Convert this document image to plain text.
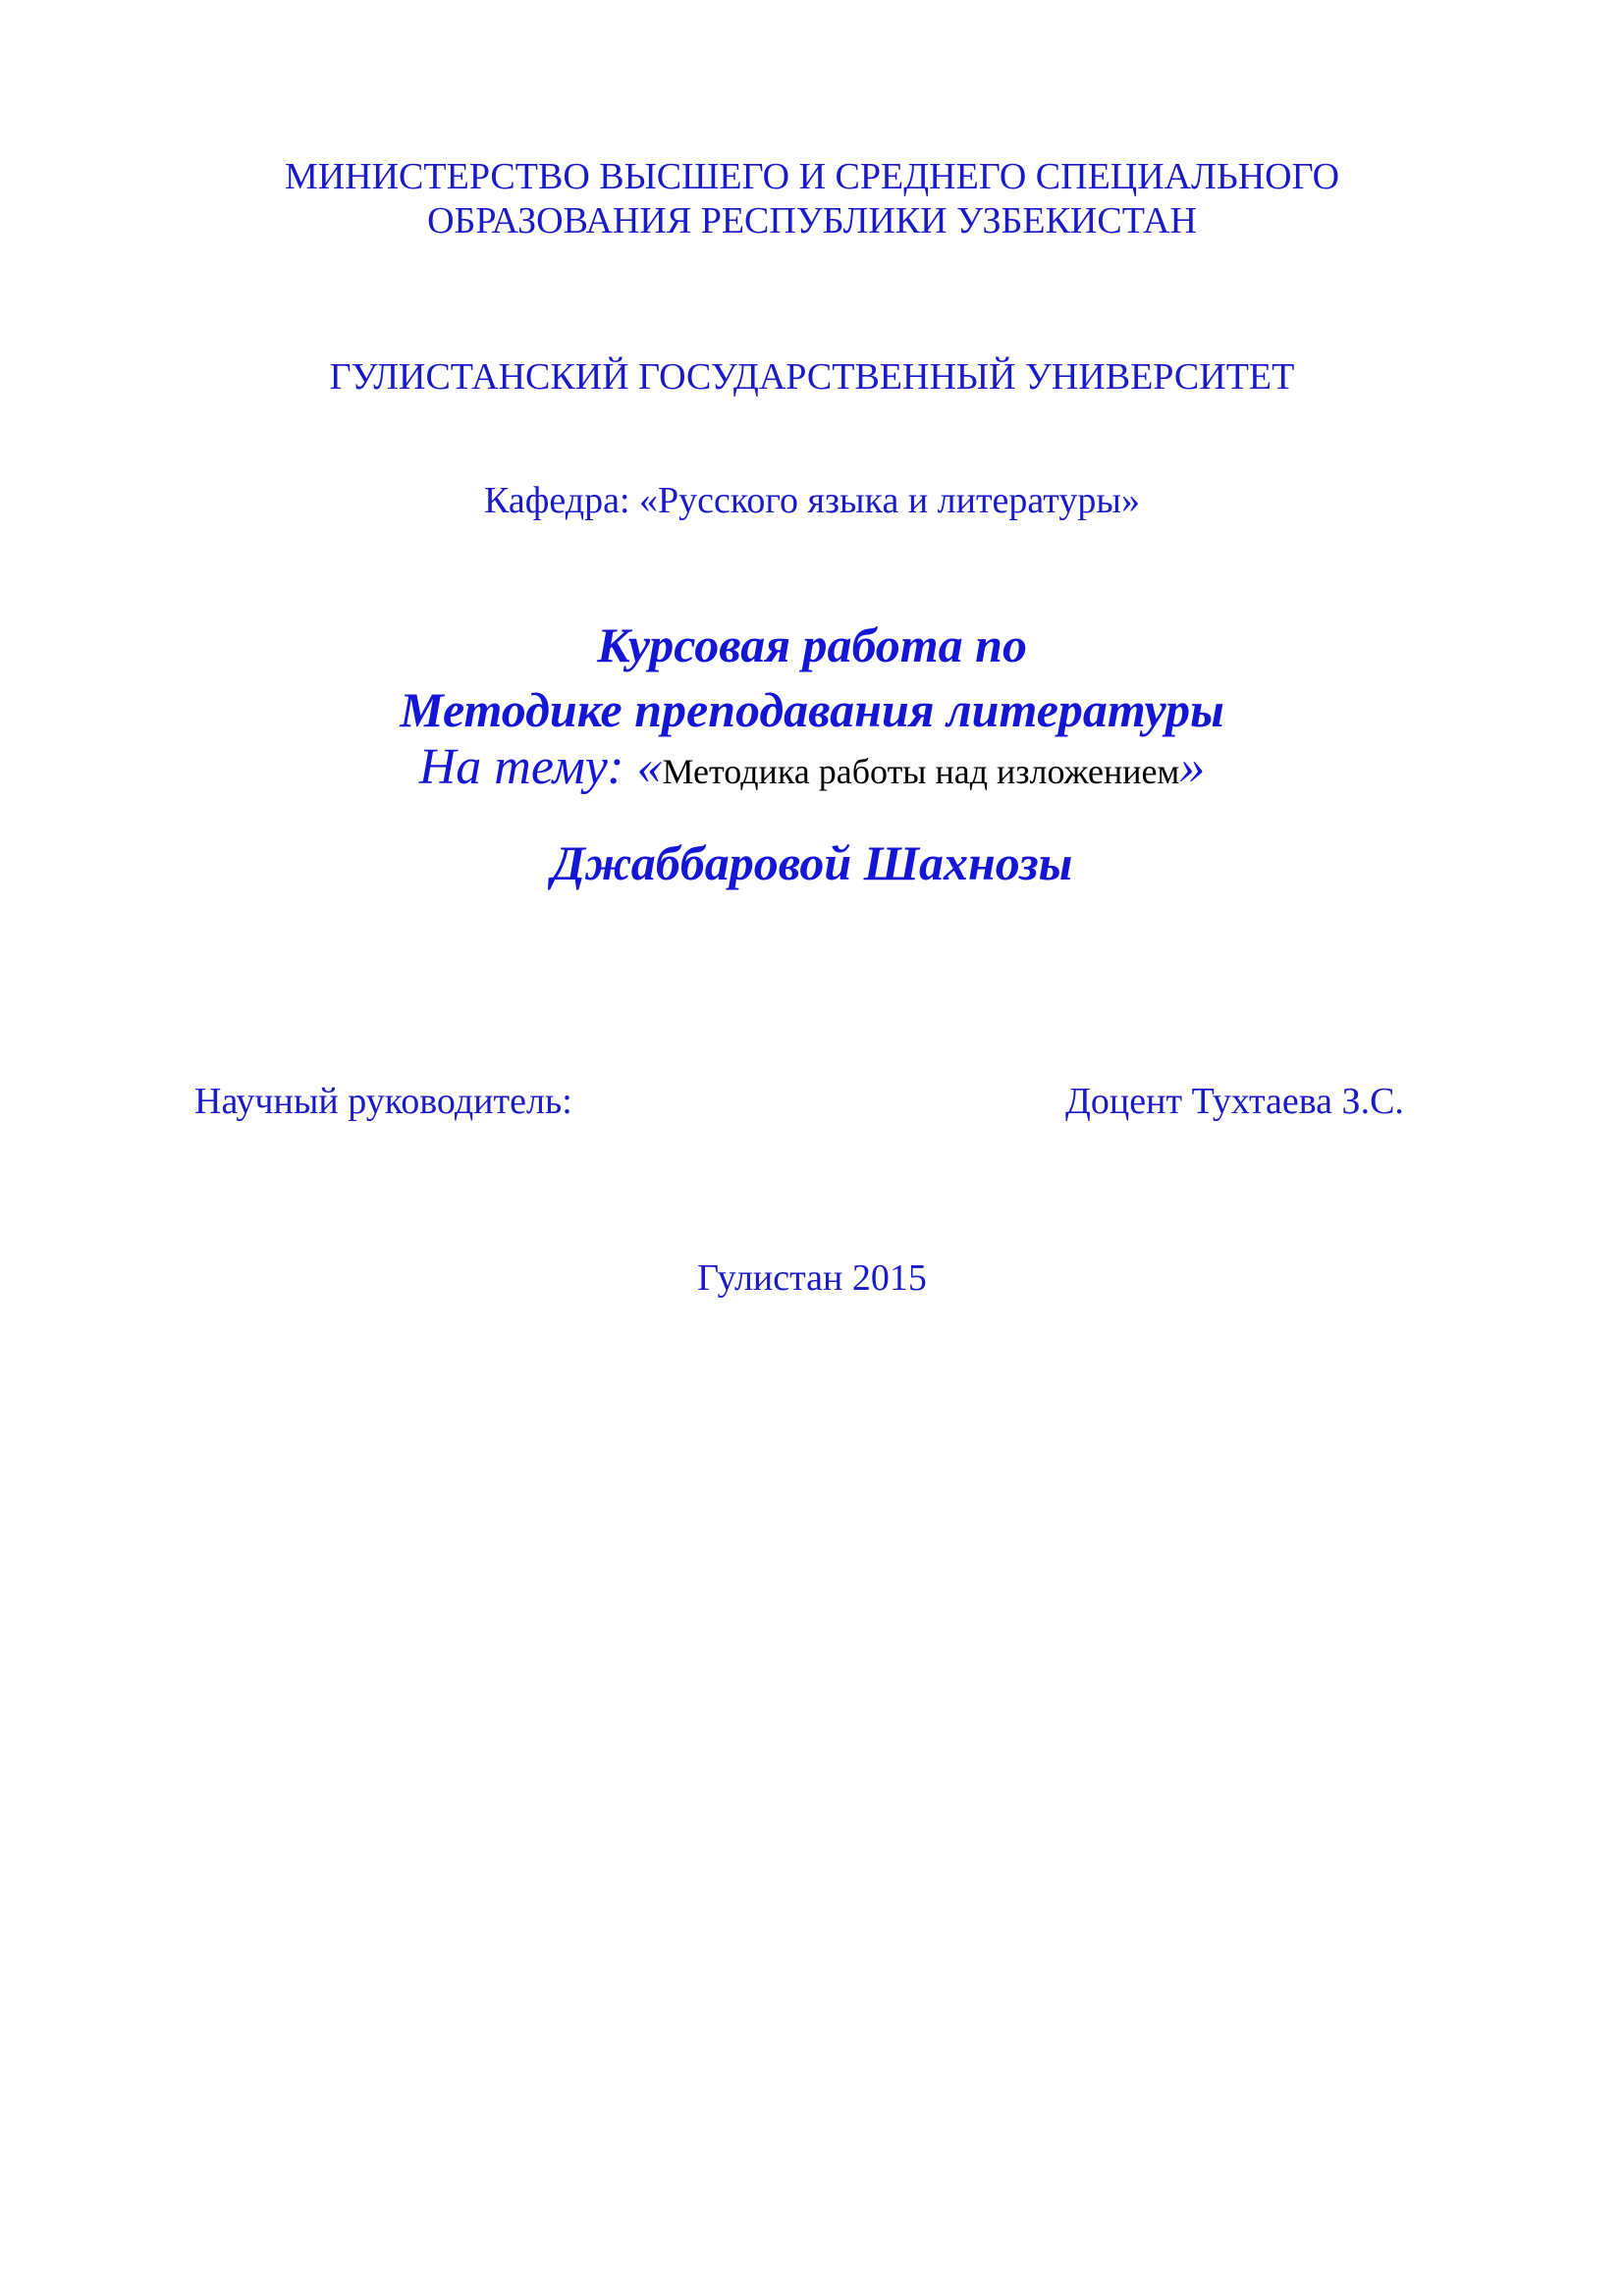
МИНИСТЕРСТВО ВЫСШЕГО И СРЕДНЕГО СПЕЦИАЛЬНОГО
ОБРАЗОВАНИЯ РЕСПУБЛИКИ УЗБЕКИСТАН
ГУЛИСТАНСКИЙ ГОСУДАРСТВЕННЫЙ УНИВЕРСИТЕТ
Кафедра: «Русского языка и литературы»
Курсовая работа по
Методике преподавания литературы
На тему: «Методика работы над изложением»
Джаббаровой Шахнозы
Научный руководитель:	Доцент Тухтаева З.С.
Гулистан 2015
